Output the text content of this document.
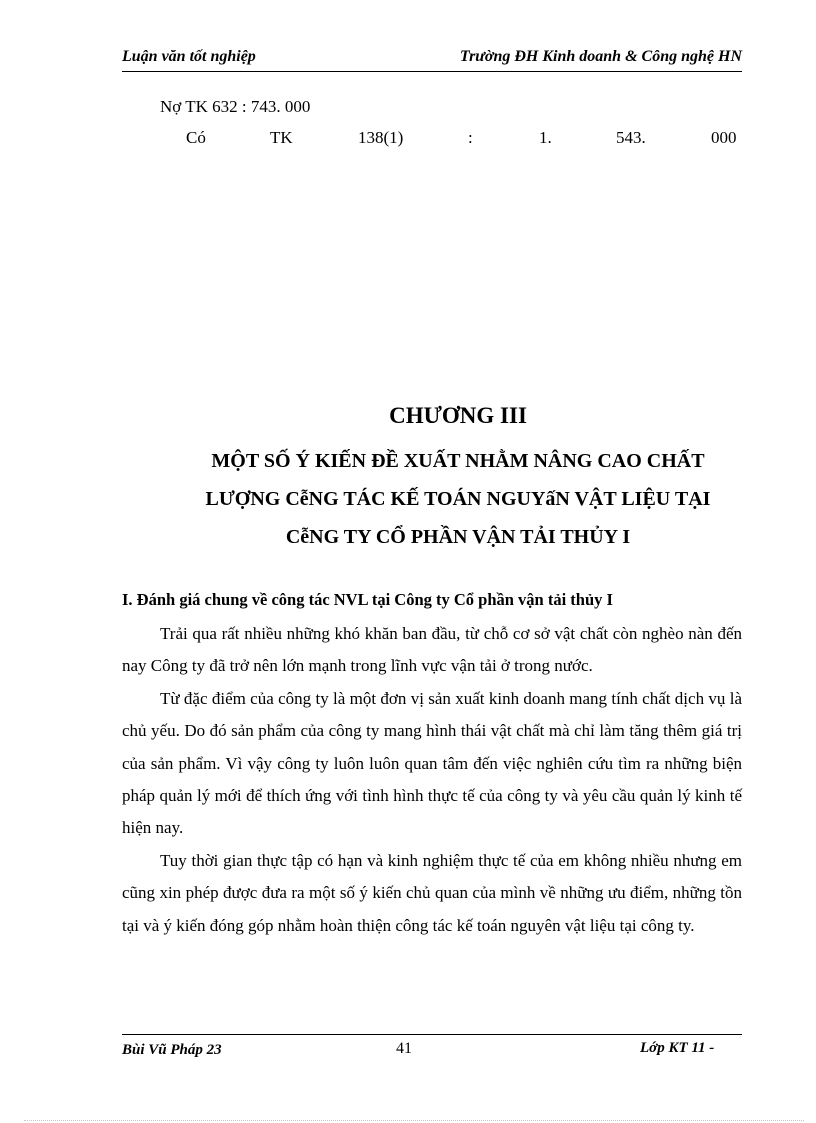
Luận văn tốt nghiệp	Trường ĐH Kinh doanh & Công nghệ HN
Nợ TK 632 : 743. 000
Có	TK	138(1)	:	1.	543.	000
CHƯƠNG III
MỘT SỐ Ý KIẾN ĐỀ XUẤT NHẰM NÂNG CAO CHẤT
LƯỢNG CễNG TÁC KẾ TOÁN NGUYấN VẬT LIỆU TẠI
CễNG TY CỔ PHẦN VẬN TẢI THỦY I
I. Đánh giá chung về công tác NVL tại Công ty Cổ phần vận tải thủy I

Trải qua rất nhiều những khó khăn ban đầu, từ chỗ cơ sở vật chất còn nghèo nàn đến nay Công ty đã trở nên lớn mạnh trong lĩnh vực vận tải ở trong nước.

Từ đặc điểm của công ty là một đơn vị sản xuất kinh doanh mang tính chất dịch vụ là chủ yếu. Do đó sản phẩm của công ty mang hình thái vật chất mà chỉ làm tăng thêm giá trị của sản phẩm. Vì vậy công ty luôn luôn quan tâm đến việc nghiên cứu tìm ra những biện pháp quản lý mới để thích ứng với tình hình thực tế của công ty và yêu cầu quản lý kinh tế hiện nay.

Tuy thời gian thực tập có hạn và kinh nghiệm thực tế của em không nhiều nhưng em cũng xin phép được đưa ra một số ý kiến chủ quan của mình về những ưu điểm, những tồn tại và ý kiến đóng góp nhằm hoàn thiện công tác kế toán nguyên vật liệu tại công ty.

Bùi Vũ Pháp 23	41	Lớp KT 11 -
